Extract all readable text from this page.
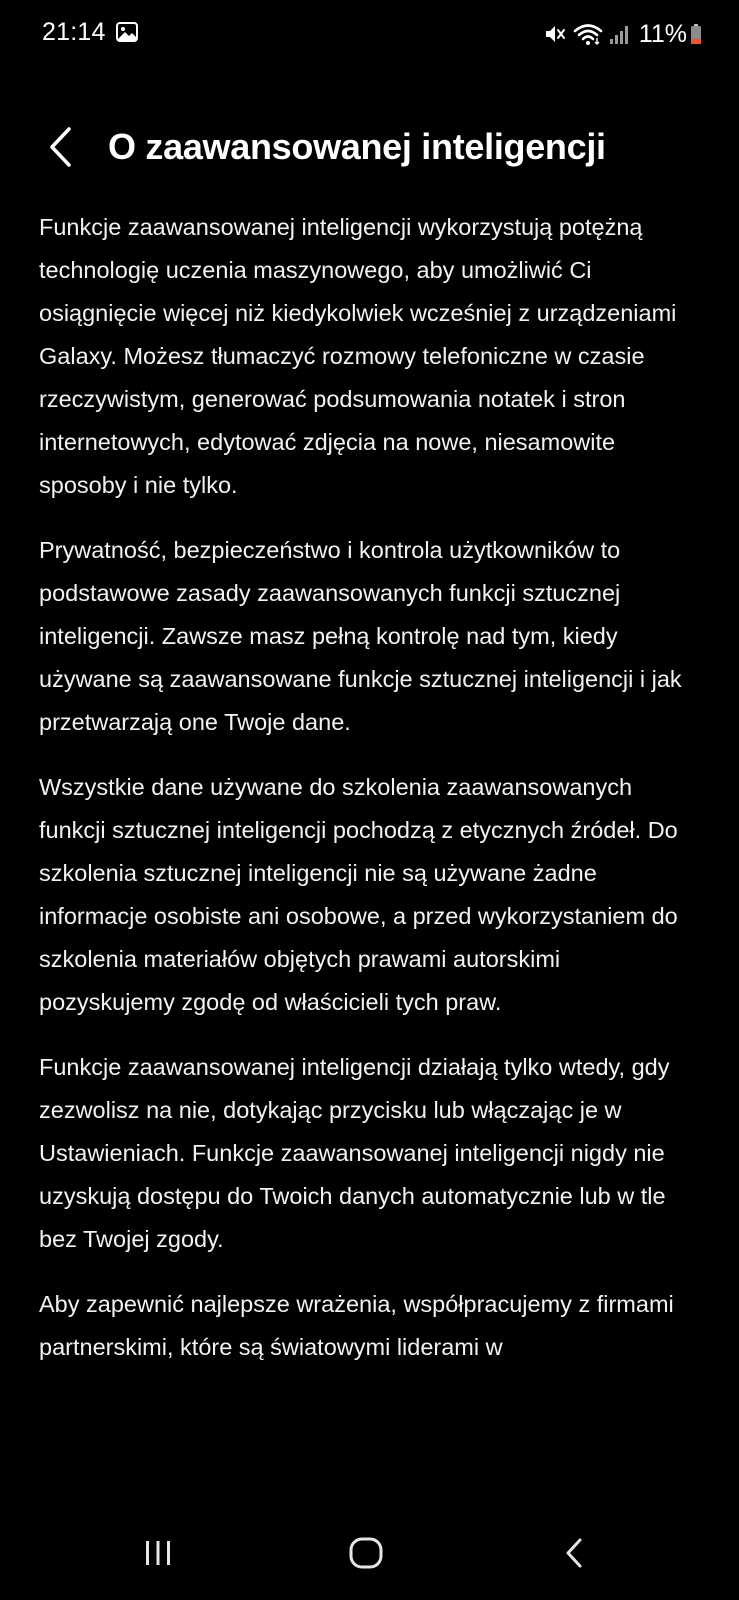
21:14	11%
O zaawansowanej inteligencji

Funkcje zaawansowanej inteligencji wykorzystują potężną technologię uczenia maszynowego, aby umożliwić Ci osiągnięcie więcej niż kiedykolwiek wcześniej z urządzeniami Galaxy. Możesz tłumaczyć rozmowy telefoniczne w czasie rzeczywistym, generować podsumowania notatek i stron internetowych, edytować zdjęcia na nowe, niesamowite sposoby i nie tylko.

Prywatność, bezpieczeństwo i kontrola użytkowników to podstawowe zasady zaawansowanych funkcji sztucznej inteligencji. Zawsze masz pełną kontrolę nad tym, kiedy używane są zaawansowane funkcje sztucznej inteligencji i jak przetwarzają one Twoje dane.

Wszystkie dane używane do szkolenia zaawansowanych funkcji sztucznej inteligencji pochodzą z etycznych źródeł. Do szkolenia sztucznej inteligencji nie są używane żadne informacje osobiste ani osobowe, a przed wykorzystaniem do szkolenia materiałów objętych prawami autorskimi pozyskujemy zgodę od właścicieli tych praw.

Funkcje zaawansowanej inteligencji działają tylko wtedy, gdy zezwolisz na nie, dotykając przycisku lub włączając je w Ustawieniach. Funkcje zaawansowanej inteligencji nigdy nie uzyskują dostępu do Twoich danych automatycznie lub w tle bez Twojej zgody.

Aby zapewnić najlepsze wrażenia, współpracujemy z firmami partnerskimi, które są światowymi liderami w
